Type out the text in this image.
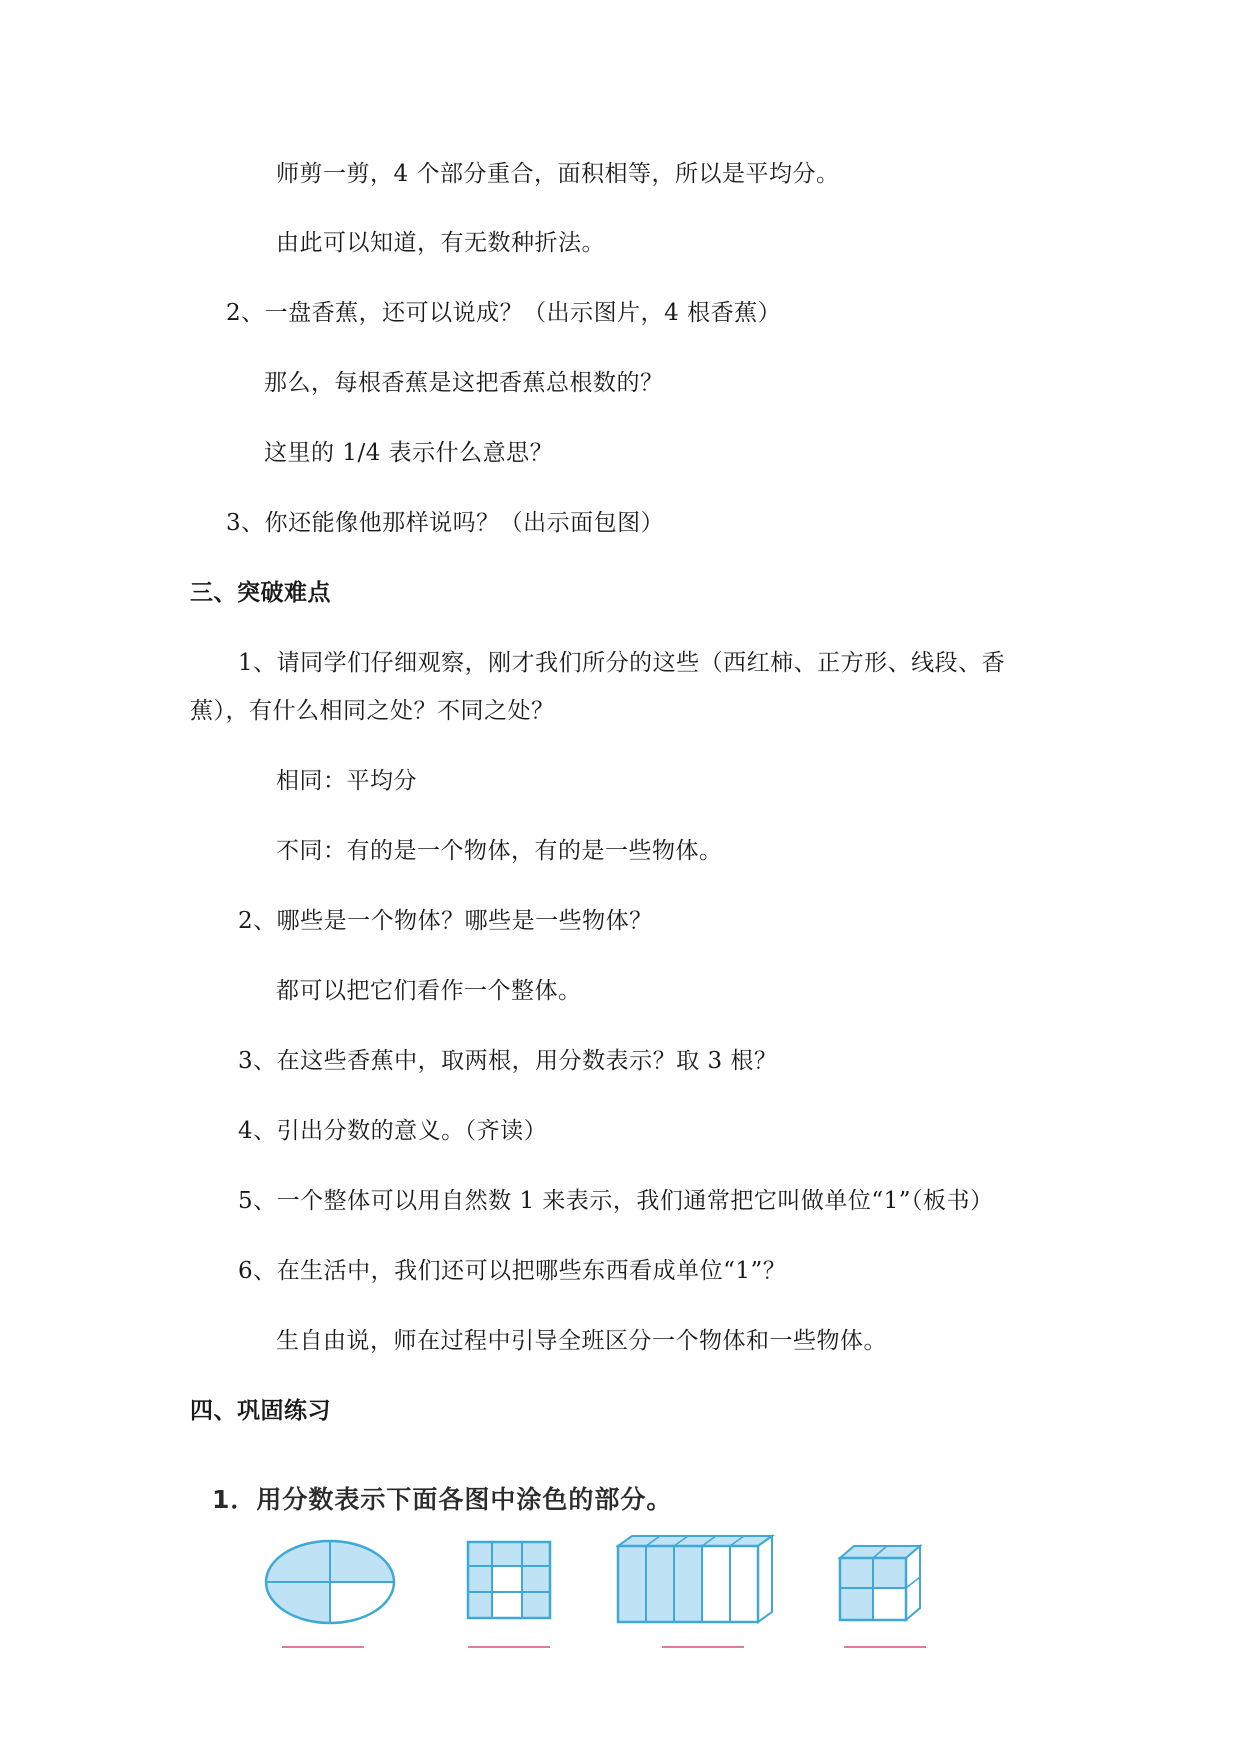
师剪一剪，4 个部分重合，面积相等，所以是平均分。
由此可以知道，有无数种折法。
2、一盘香蕉，还可以说成？（出示图片，4 根香蕉）
那么，每根香蕉是这把香蕉总根数的？
这里的 1/4 表示什么意思？
3、你还能像他那样说吗？（出示面包图）
三、突破难点
1、请同学们仔细观察，刚才我们所分的这些（西红柿、正方形、线段、香
蕉），有什么相同之处？不同之处？
相同：平均分
不同：有的是一个物体，有的是一些物体。
2、哪些是一个物体？哪些是一些物体？
都可以把它们看作一个整体。
3、在这些香蕉中，取两根，用分数表示？取 3 根？
4、引出分数的意义。（齐读）
5、一个整体可以用自然数 1 来表示，我们通常把它叫做单位“1”（板书）
6、在生活中，我们还可以把哪些东西看成单位“1”？
生自由说，师在过程中引导全班区分一个物体和一些物体。
四、巩固练习
1．用分数表示下面各图中涂色的部分。
